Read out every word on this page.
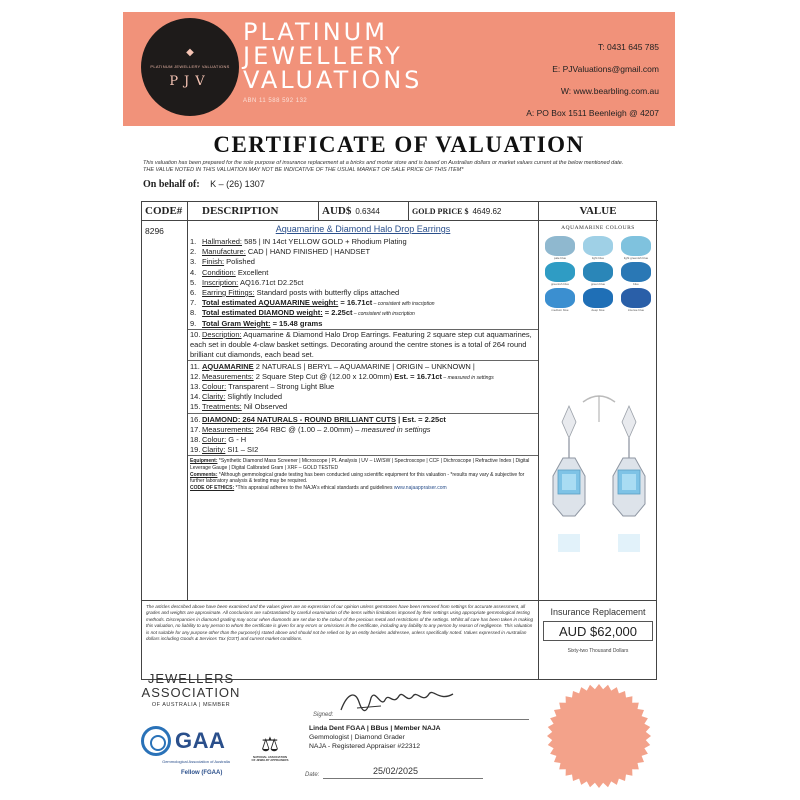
◆
PLATINUM JEWELLERY VALUATIONS
PJV
PLATINUM
JEWELLERY
VALUATIONS
ABN 11 588 592 132
T: 0431 645 785
E: PJValuations@gmail.com
W: www.bearbling.com.au
A: PO Box 1511 Beenleigh @ 4207
CERTIFICATE OF VALUATION
This valuation has been prepared for the sole purpose of insurance replacement at a bricks and mortar store and is based on Australian dollars or market values current at the below mentioned date.
THE VALUE NOTED IN THIS VALUATION MAY NOT BE INDICATIVE OF THE USUAL MARKET OR SALE PRICE OF THIS ITEM*
On behalf of: K – (26) 1307
CODE#	DESCRIPTION	AUD$ 0.6344	GOLD PRICE $ 4649.62	VALUE
8296	Aquamarine & Diamond Halo Drop Earrings
1. Hallmarked: 585 | IN 14ct YELLOW GOLD + Rhodium Plating
2. Manufacture: CAD | HAND FINISHED | HANDSET
3. Finish: Polished
4. Condition: Excellent
5. Inscription: AQ16.71ct D2.25ct
6. Earring Fittings: Standard posts with butterfly clips attached
7. Total estimated AQUAMARINE weight: = 16.71ct – consistent with inscription
8. Total estimated DIAMOND weight: = 2.25ct – consistent with inscription
9. Total Gram Weight: = 15.48 grams
10. Description: Aquamarine & Diamond Halo Drop Earrings. Featuring 2 square step cut aquamarines, each set in double 4-claw basket settings. Decorating around the centre stones is a total of 264 round brilliant cut diamonds, each bead set.
11. AQUAMARINE 2 NATURALS | BERYL – AQUAMARINE | ORIGIN – UNKNOWN |
12. Measurements: 2 Square Step Cut @ (12.00 x 12.00mm) Est. = 16.71ct – measured in settings
13. Colour: Transparent – Strong Light Blue
14. Clarity: Slightly Included
15. Treatments: Nil Observed
16. DIAMOND: 264 NATURALS - ROUND BRILLIANT CUTS | Est. = 2.25ct
17. Measurements: 264 RBC @ (1.00 – 2.00mm) – measured in settings
18. Colour: G - H
19. Clarity: SI1 – SI2
Equipment: *Synthetic Diamond Mass Screener | Microscope | PL Analysis | UV – LW/SW | Spectroscope | CCF | Dichroscope | Refractive Index | Digital Leverage Gauge | Digital Calibrated Gram | XRF – GOLD TESTED
Comments: *Although gemmological grade testing has been conducted using scientific equipment for this valuation - *results may vary & subjective for further laboratory analysis & testing may be required.
CODE OF ETHICS: *This appraisal adheres to the NAJA's ethical standards and guidelines www.najaappraiser.com
AQUAMARINE COLOURS
pale blue	light blue	light greenish blue
greenish blue	green blue	blue
medium blue	deep blue	intense blue
The articles described above have been examined and the values given are an expression of our opinion unless gemstones have been removed from settings for accurate assessment, all grades and weights are approximate. All conclusions are substantiated by careful examination of the items within limitations imposed by their settings using appropriate gemmological testing methods. Discrepancies in diamond grading may occur when diamonds are set due to the colour of the precious metal and restrictions of the settings. Whilst all care has been taken in making this valuation, no liability to any person to whom the certificate is given for any errors or omissions in the certificate, including any liability to any person by reason of negligence. This valuation is not suitable for any purpose other than the purpose(s) stated above and should not be relied on by an entity besides addressee, unless specifically noted. Values expressed in Australian dollars including Goods & Services Tax (GST) and current market conditions.
Insurance Replacement
AUD $62,000
Sixty-two Thousand Dollars
JEWELLERS
ASSOCIATION
OF AUSTRALIA | MEMBER
GAA
Gemmological Association of Australia
Fellow (FGAA)
⚖
NATIONAL ASSOCIATION OF JEWELRY APPRAISERS
Signed:
Linda Dent FGAA | BBus | Member NAJA
Gemmologist | Diamond Grader
NAJA - Registered Appraiser #22312
Date:	25/02/2025
